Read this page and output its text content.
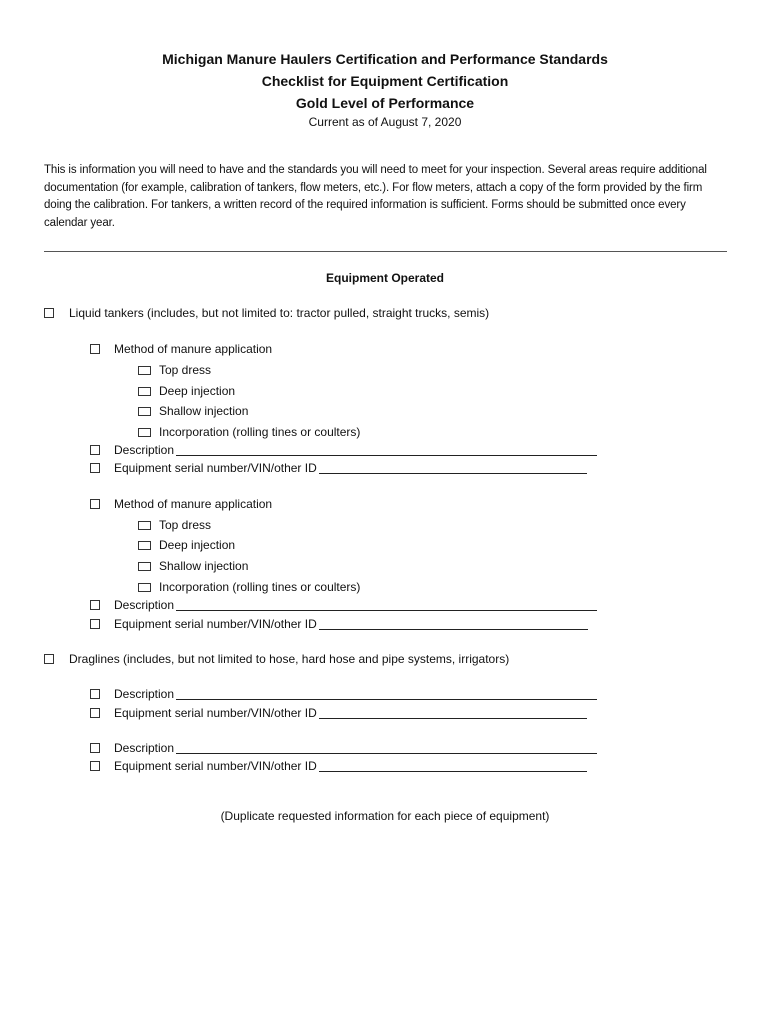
Michigan Manure Haulers Certification and Performance Standards
Checklist for Equipment Certification
Gold Level of Performance
Current as of August 7, 2020
This is information you will need to have and the standards you will need to meet for your inspection. Several areas require additional documentation (for example, calibration of tankers, flow meters, etc.). For flow meters, attach a copy of the form provided by the firm doing the calibration. For tankers, a written record of the required information is sufficient. Forms should be submitted once every calendar year.
Equipment Operated
Liquid tankers (includes, but not limited to: tractor pulled, straight trucks, semis)
Method of manure application
Top dress
Deep injection
Shallow injection
Incorporation (rolling tines or coulters)
Description
Equipment serial number/VIN/other ID
Method of manure application
Top dress
Deep injection
Shallow injection
Incorporation (rolling tines or coulters)
Description
Equipment serial number/VIN/other ID
Draglines (includes, but not limited to hose, hard hose and pipe systems, irrigators)
Description
Equipment serial number/VIN/other ID
Description
Equipment serial number/VIN/other ID
(Duplicate requested information for each piece of equipment)
